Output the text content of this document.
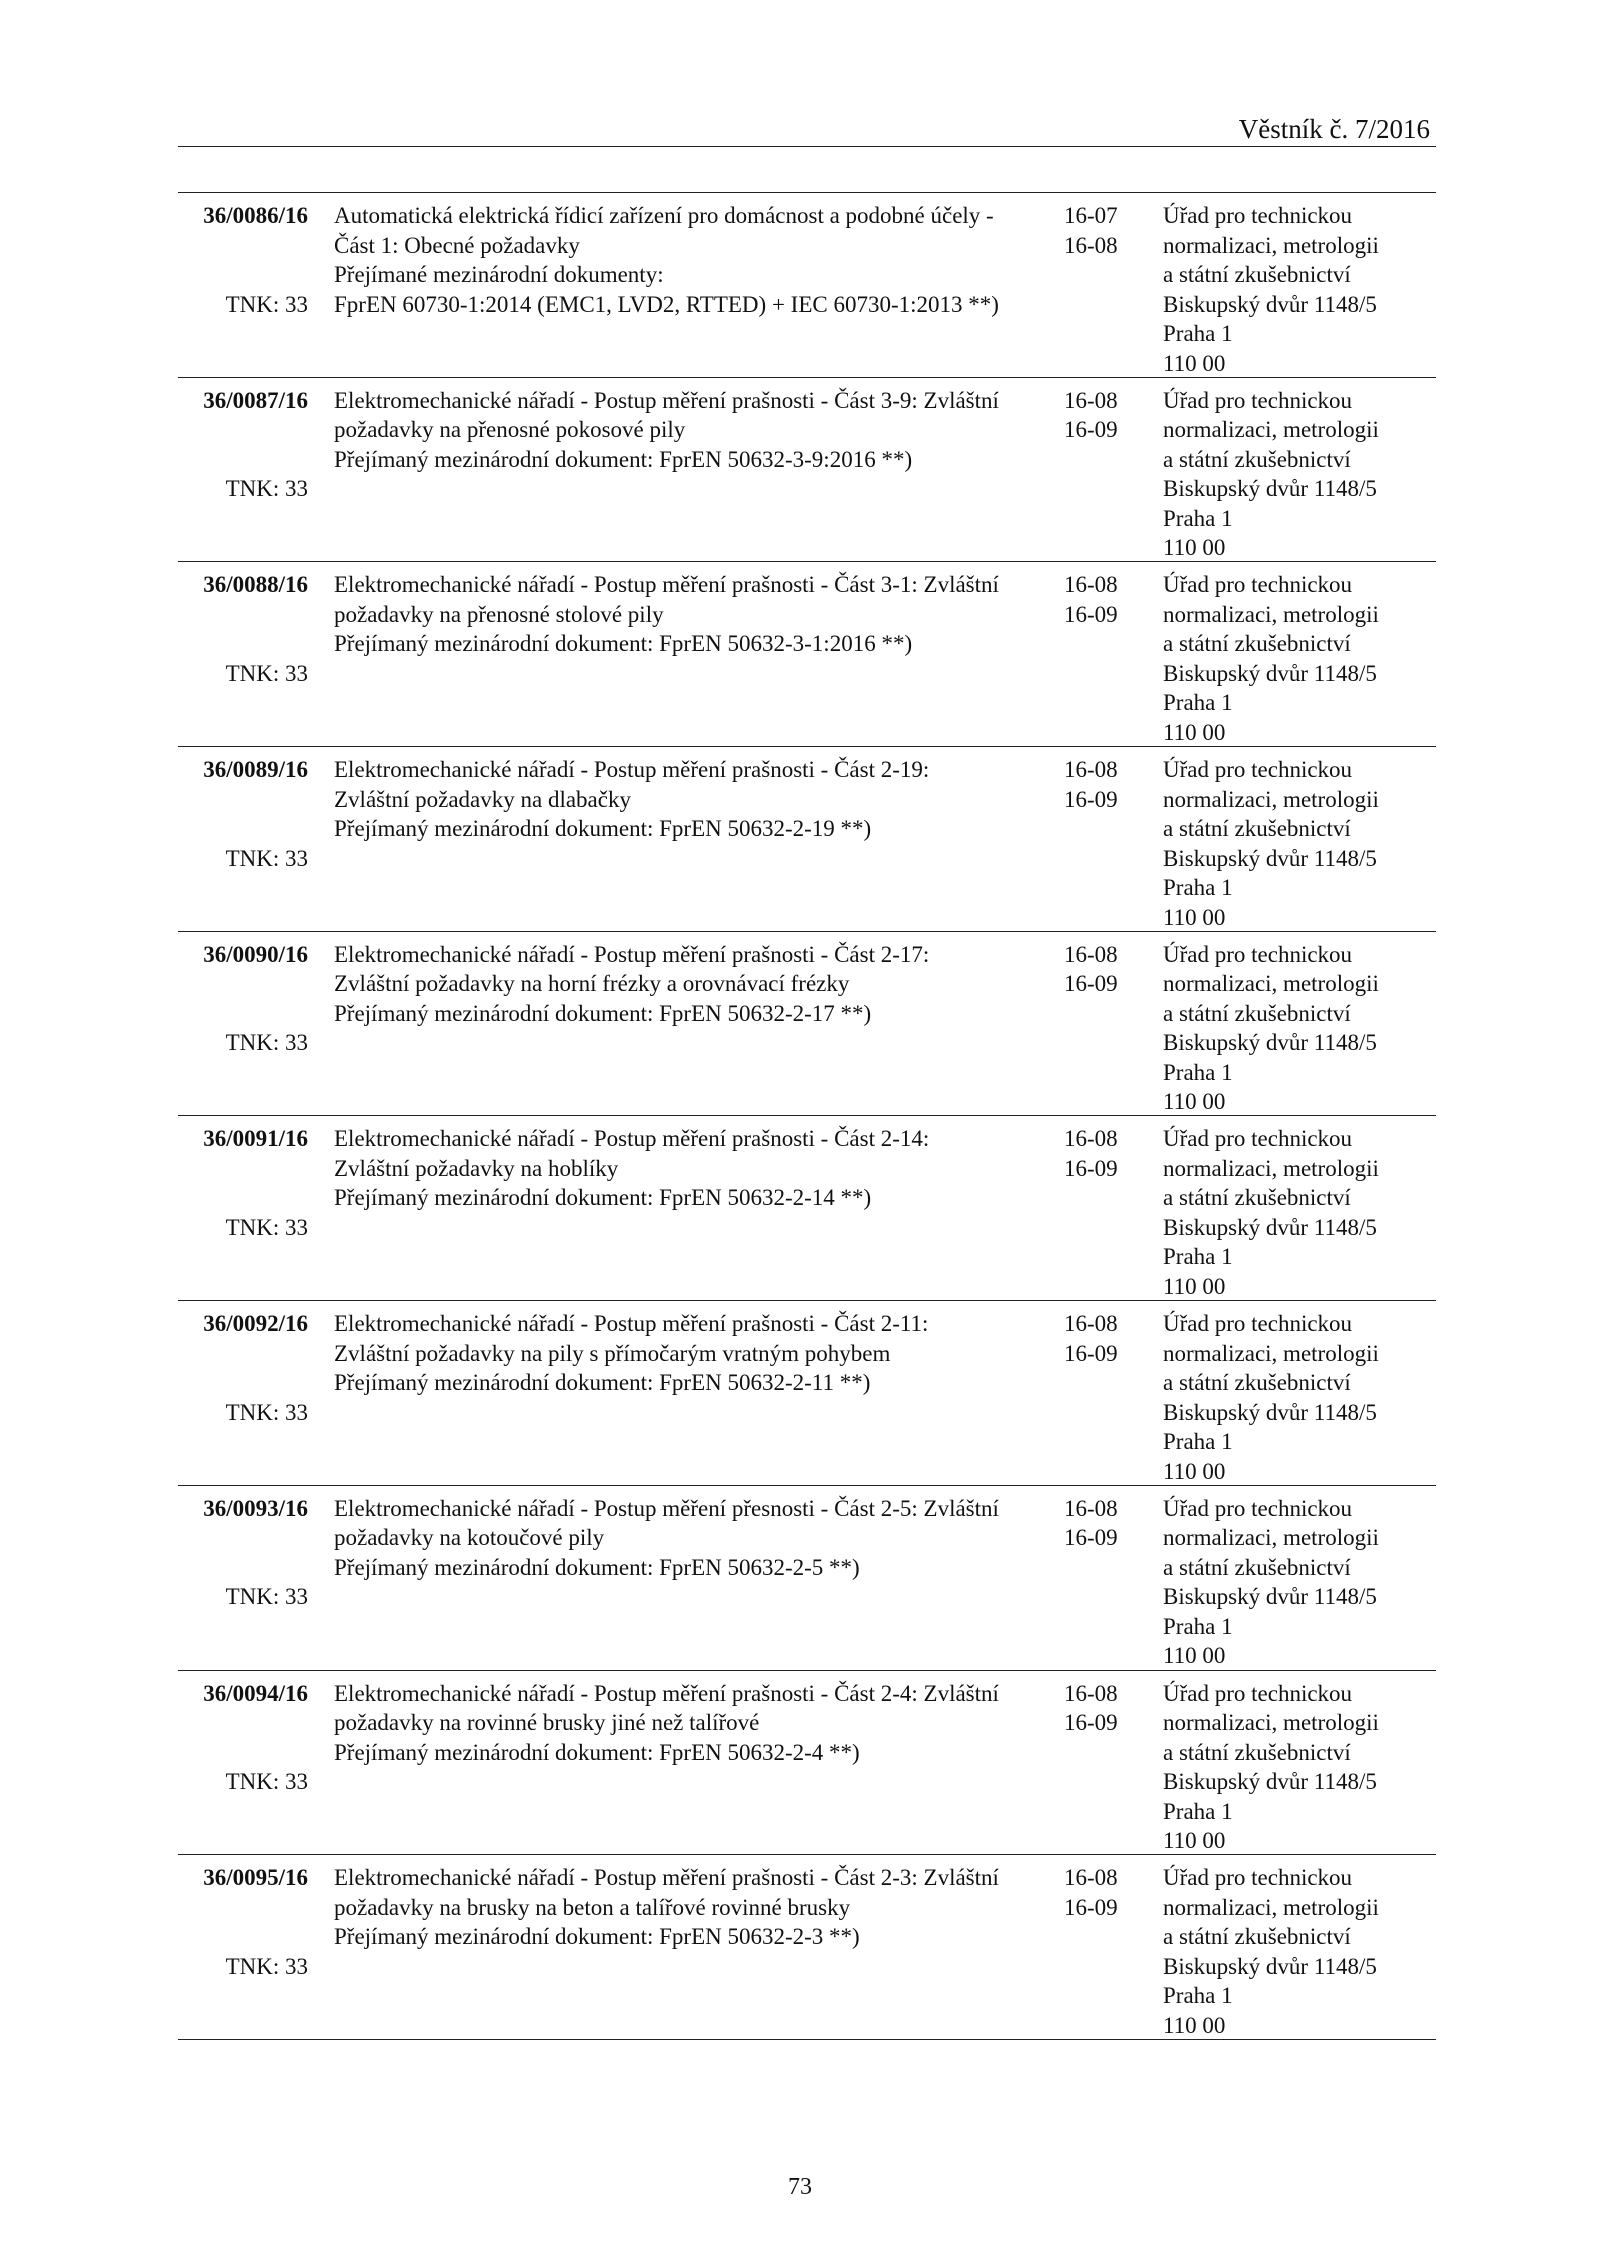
Věstník č. 7/2016
36/0086/16
TNK: 33
Automatická elektrická řídicí zařízení pro domácnost a podobné účely -
Část 1: Obecné požadavky
Přejímané mezinárodní dokumenty:
FprEN 60730-1:2014 (EMC1, LVD2, RTTED) + IEC 60730-1:2013 **)
16-07
16-08
Úřad pro technickou
normalizaci, metrologii
a státní zkušebnictví
Biskupský dvůr 1148/5
Praha 1
110 00
36/0087/16
TNK: 33
Elektromechanické nářadí - Postup měření prašnosti - Část 3-9: Zvláštní
požadavky na přenosné pokosové pily
Přejímaný mezinárodní dokument: FprEN 50632-3-9:2016 **)
16-08
16-09
Úřad pro technickou
normalizaci, metrologii
a státní zkušebnictví
Biskupský dvůr 1148/5
Praha 1
110 00
36/0088/16
TNK: 33
Elektromechanické nářadí - Postup měření prašnosti - Část 3-1: Zvláštní
požadavky na přenosné stolové pily
Přejímaný mezinárodní dokument: FprEN 50632-3-1:2016 **)
16-08
16-09
Úřad pro technickou
normalizaci, metrologii
a státní zkušebnictví
Biskupský dvůr 1148/5
Praha 1
110 00
36/0089/16
TNK: 33
Elektromechanické nářadí - Postup měření prašnosti - Část 2-19:
Zvláštní požadavky na dlabačky
Přejímaný mezinárodní dokument: FprEN 50632-2-19 **)
16-08
16-09
Úřad pro technickou
normalizaci, metrologii
a státní zkušebnictví
Biskupský dvůr 1148/5
Praha 1
110 00
36/0090/16
TNK: 33
Elektromechanické nářadí - Postup měření prašnosti - Část 2-17:
Zvláštní požadavky na horní frézky a orovnávací frézky
Přejímaný mezinárodní dokument: FprEN 50632-2-17 **)
16-08
16-09
Úřad pro technickou
normalizaci, metrologii
a státní zkušebnictví
Biskupský dvůr 1148/5
Praha 1
110 00
36/0091/16
TNK: 33
Elektromechanické nářadí - Postup měření prašnosti - Část 2-14:
Zvláštní požadavky na hoblíky
Přejímaný mezinárodní dokument: FprEN 50632-2-14 **)
16-08
16-09
Úřad pro technickou
normalizaci, metrologii
a státní zkušebnictví
Biskupský dvůr 1148/5
Praha 1
110 00
36/0092/16
TNK: 33
Elektromechanické nářadí - Postup měření prašnosti - Část 2-11:
Zvláštní požadavky na pily s přímočarým vratným pohybem
Přejímaný mezinárodní dokument: FprEN 50632-2-11 **)
16-08
16-09
Úřad pro technickou
normalizaci, metrologii
a státní zkušebnictví
Biskupský dvůr 1148/5
Praha 1
110 00
36/0093/16
TNK: 33
Elektromechanické nářadí - Postup měření přesnosti - Část 2-5: Zvláštní
požadavky na kotoučové pily
Přejímaný mezinárodní dokument: FprEN 50632-2-5 **)
16-08
16-09
Úřad pro technickou
normalizaci, metrologii
a státní zkušebnictví
Biskupský dvůr 1148/5
Praha 1
110 00
36/0094/16
TNK: 33
Elektromechanické nářadí - Postup měření prašnosti - Část 2-4: Zvláštní
požadavky na rovinné brusky jiné než talířové
Přejímaný mezinárodní dokument: FprEN 50632-2-4 **)
16-08
16-09
Úřad pro technickou
normalizaci, metrologii
a státní zkušebnictví
Biskupský dvůr 1148/5
Praha 1
110 00
36/0095/16
TNK: 33
Elektromechanické nářadí - Postup měření prašnosti - Část 2-3: Zvláštní
požadavky na brusky na beton a talířové rovinné brusky
Přejímaný mezinárodní dokument: FprEN 50632-2-3 **)
16-08
16-09
Úřad pro technickou
normalizaci, metrologii
a státní zkušebnictví
Biskupský dvůr 1148/5
Praha 1
110 00
73
